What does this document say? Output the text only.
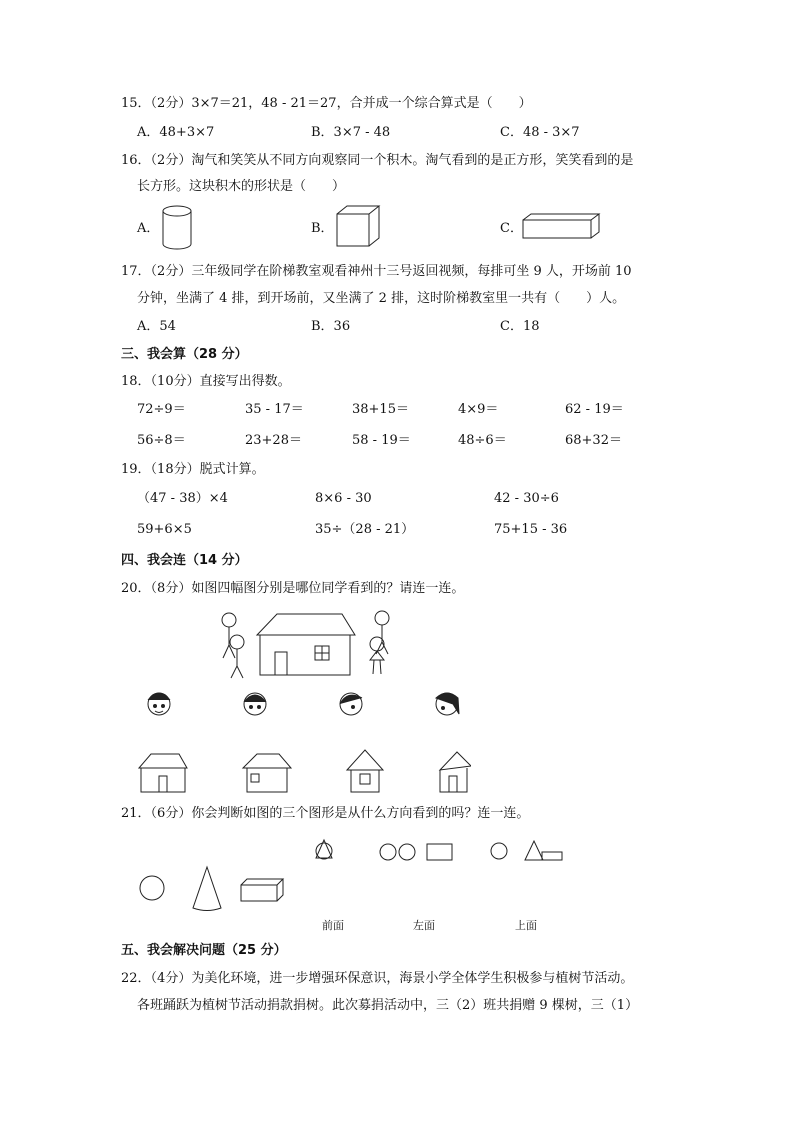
15．（2分）3×7＝21，48 - 21＝27，合并成一个综合算式是（　　）
A．48+3×7	B．3×7 - 48	C．48 - 3×7
16．（2分）淘气和笑笑从不同方向观察同一个积木。淘气看到的是正方形，笑笑看到的是
长方形。这块积木的形状是（　　）
A．	B．	C．
17．（2分）三年级同学在阶梯教室观看神州十三号返回视频，每排可坐 9 人，开场前 10
分钟，坐满了 4 排，到开场前，又坐满了 2 排，这时阶梯教室里一共有（　　）人。
A．54	B．36	C．18
三、我会算（28 分）
18．（10分）直接写出得数。
72÷9＝	35 - 17＝	38+15＝	4×9＝	62 - 19＝
56÷8＝	23+28＝	58 - 19＝	48÷6＝	68+32＝
19．（18分）脱式计算。
（47 - 38）×4	8×6 - 30	42 - 30÷6
59+6×5	35÷（28 - 21）	75+15 - 36
四、我会连（14 分）
20．（8分）如图四幅图分别是哪位同学看到的？请连一连。
21．（6分）你会判断如图的三个图形是从什么方向看到的吗？连一连。
前面	左面	上面
五、我会解决问题（25 分）
22．（4分）为美化环境，进一步增强环保意识，海景小学全体学生积极参与植树节活动。
各班踊跃为植树节活动捐款捐树。此次募捐活动中，三（2）班共捐赠 9 棵树，三（1）
